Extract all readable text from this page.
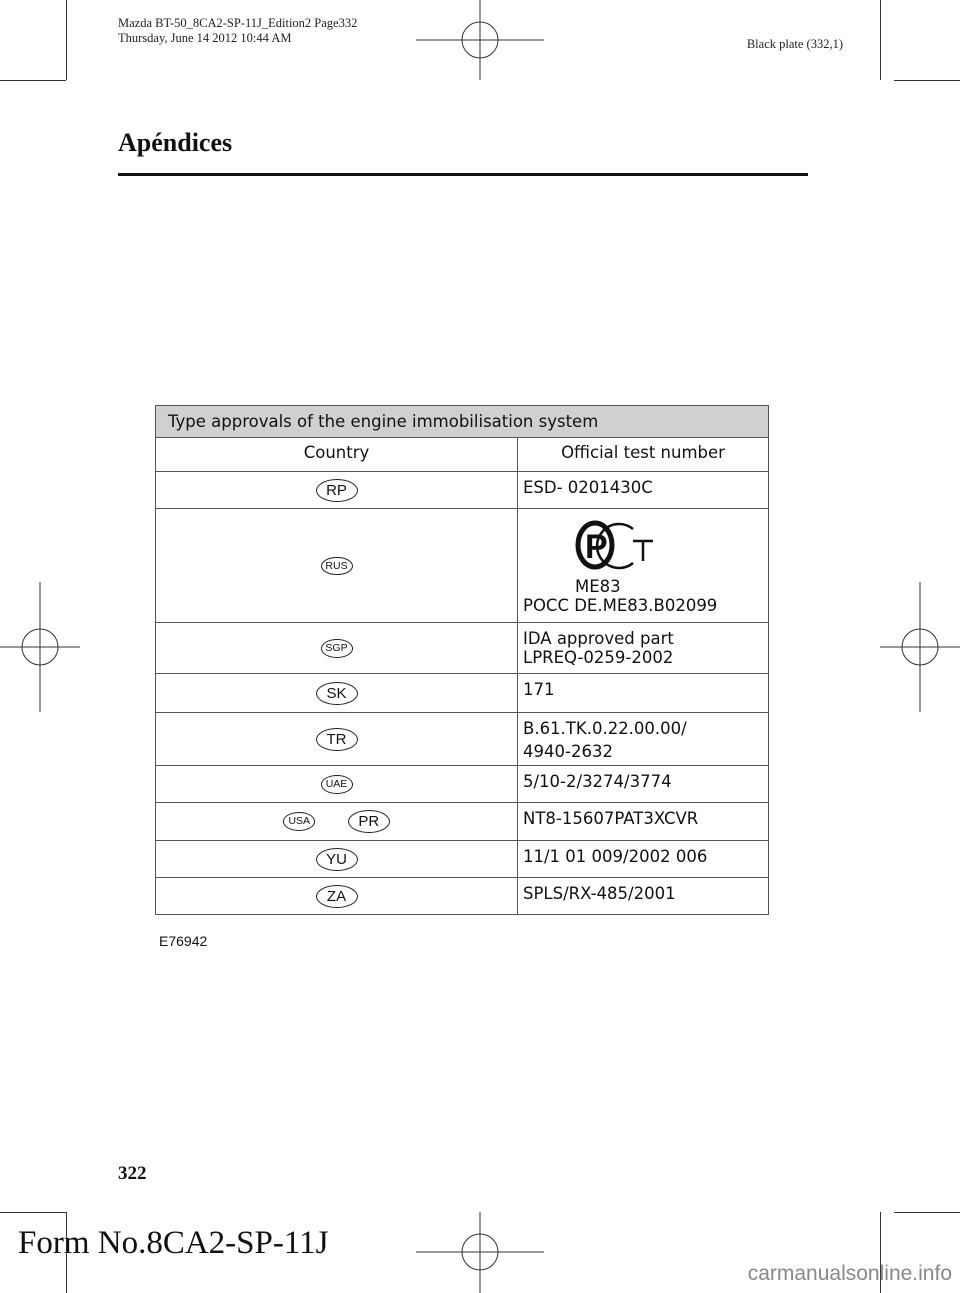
Mazda BT-50_8CA2-SP-11J_Edition2 Page332
Thursday, June 14 2012 10:44 AM	Black plate (332,1)
Apéndices
Type approvals of the engine immobilisation system	
Country	Official test number
RP	ESD- 0201430C

RUS	P
ME83
POCC DE.ME83.B02099

SGP	IDA approved part
LPREQ-0259-2002

SK	171

TR	B.61.TK.0.22.00.00/
4940-2632

UAE	5/10-2/3274/3774

USA PR	NT8-15607PAT3XCVR

YU	11/1 01 009/2002 006

ZA	SPLS/RX-485/2001
E76942
322
Form No.8CA2-SP-11J
carmanualsonline.info
